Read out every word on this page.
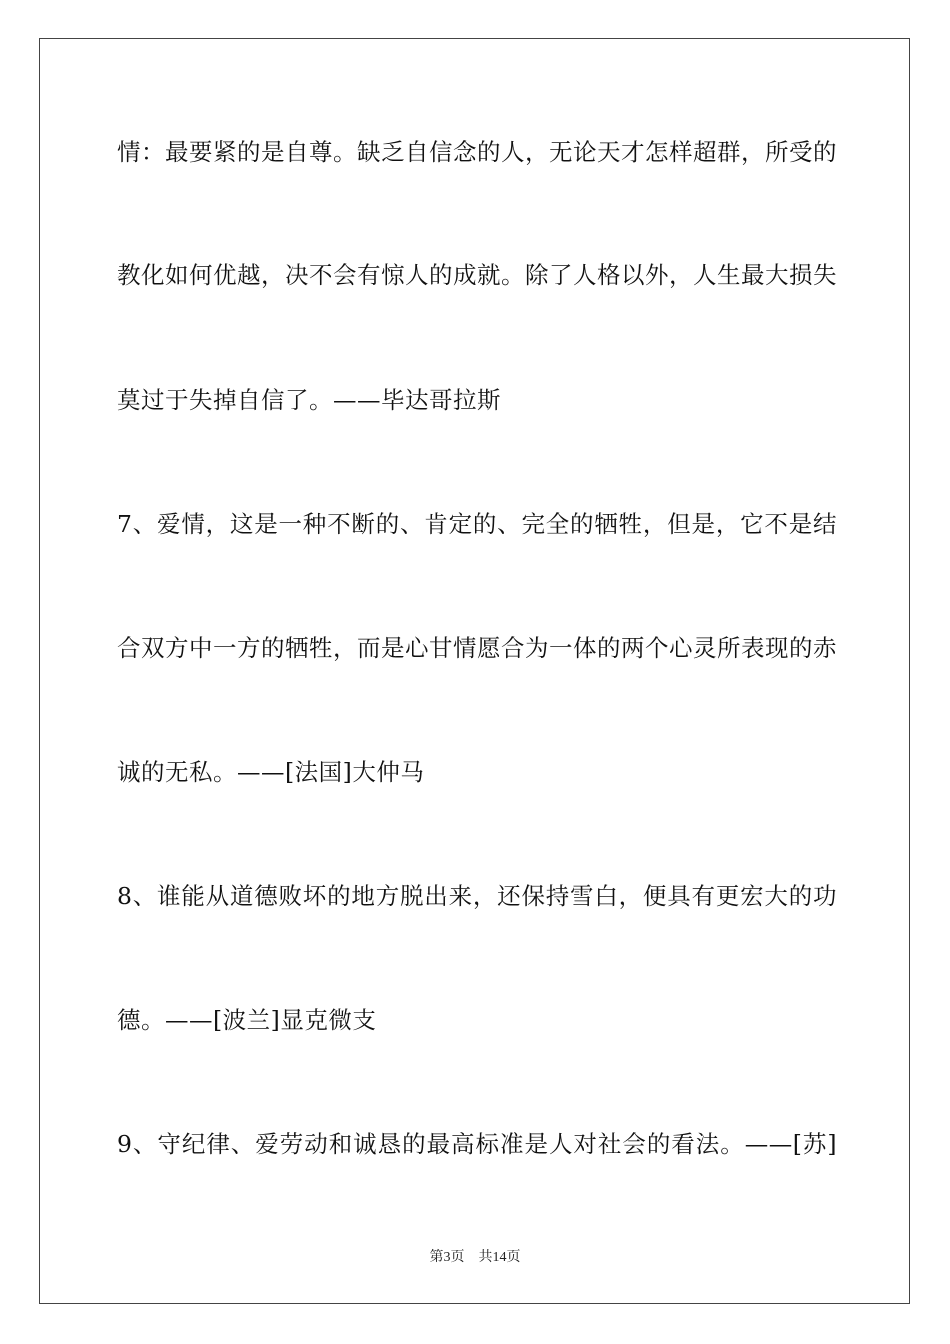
情：最要紧的是自尊。缺乏自信念的人，无论天才怎样超群，所受的
教化如何优越，决不会有惊人的成就。除了人格以外，人生最大损失
莫过于失掉自信了。——毕达哥拉斯
7、爱情，这是一种不断的、肯定的、完全的牺牲，但是，它不是结
合双方中一方的牺牲，而是心甘情愿合为一体的两个心灵所表现的赤
诚的无私。——[法国]大仲马
8、谁能从道德败坏的地方脱出来，还保持雪白，便具有更宏大的功
德。——[波兰]显克微支
9、守纪律、爱劳动和诚恳的最高标准是人对社会的看法。——[苏]
第3页 共14页
